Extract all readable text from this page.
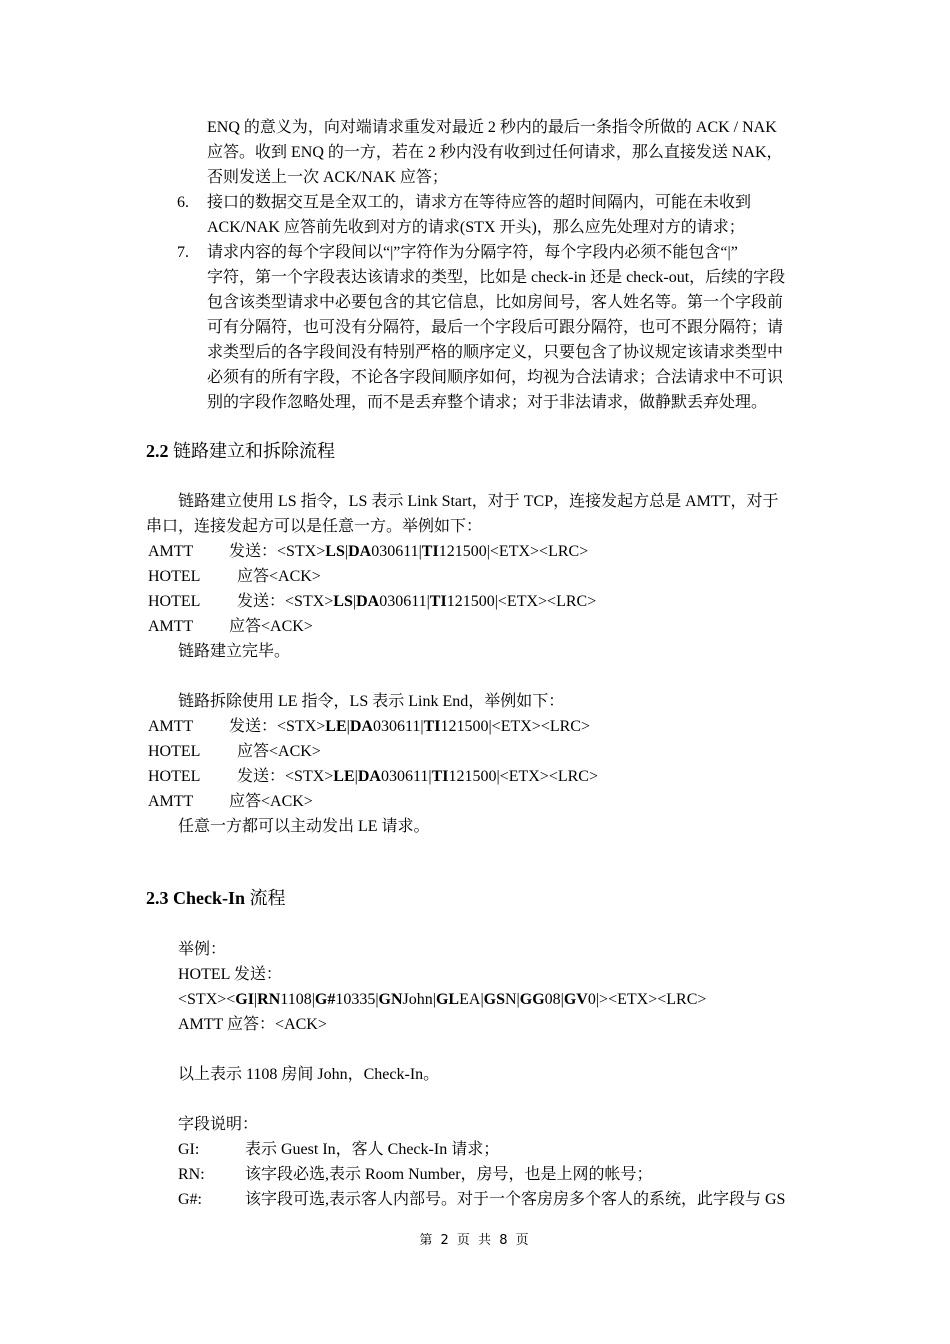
ENQ 的意义为，向对端请求重发对最近 2 秒内的最后一条指令所做的 ACK / NAK
应答。收到 ENQ 的一方，若在 2 秒内没有收到过任何请求，那么直接发送 NAK，
否则发送上一次 ACK/NAK 应答；
6. 接口的数据交互是全双工的，请求方在等待应答的超时间隔内，可能在未收到
ACK/NAK 应答前先收到对方的请求(STX 开头)，那么应先处理对方的请求；
7. 请求内容的每个字段间以“|”字符作为分隔字符，每个字段内必须不能包含“|”
字符，第一个字段表达该请求的类型，比如是 check-in 还是 check-out，后续的字段
包含该类型请求中必要包含的其它信息，比如房间号，客人姓名等。第一个字段前
可有分隔符，也可没有分隔符，最后一个字段后可跟分隔符，也可不跟分隔符；请
求类型后的各字段间没有特别严格的顺序定义，只要包含了协议规定该请求类型中
必须有的所有字段，不论各字段间顺序如何，均视为合法请求；合法请求中不可识
别的字段作忽略处理，而不是丢弃整个请求；对于非法请求，做静默丢弃处理。
2.2 链路建立和拆除流程
链路建立使用 LS 指令，LS 表示 Link Start，对于 TCP，连接发起方总是 AMTT，对于
串口，连接发起方可以是任意一方。举例如下：
AMTT 发送：<STX>LS|DA030611|TI121500|<ETX><LRC>
HOTEL 应答<ACK>
HOTEL 发送：<STX>LS|DA030611|TI121500|<ETX><LRC>
AMTT 应答<ACK>
链路建立完毕。
链路拆除使用 LE 指令，LS 表示 Link End，举例如下：
AMTT 发送：<STX>LE|DA030611|TI121500|<ETX><LRC>
HOTEL 应答<ACK>
HOTEL 发送：<STX>LE|DA030611|TI121500|<ETX><LRC>
AMTT 应答<ACK>
任意一方都可以主动发出 LE 请求。
2.3 Check-In 流程
举例：
HOTEL 发送：
<STX><GI|RN1108|G#10335|GNJohn|GLEA|GSN|GG08|GV0|><ETX><LRC>
AMTT 应答：<ACK>
以上表示 1108 房间 John，Check-In。
字段说明：
GI:	表示 Guest In，客人 Check-In 请求；
RN:	该字段必选,表示 Room Number，房号，也是上网的帐号；
G#:	该字段可选,表示客人内部号。对于一个客房房多个客人的系统，此字段与 GS
第 2 页 共 8 页
